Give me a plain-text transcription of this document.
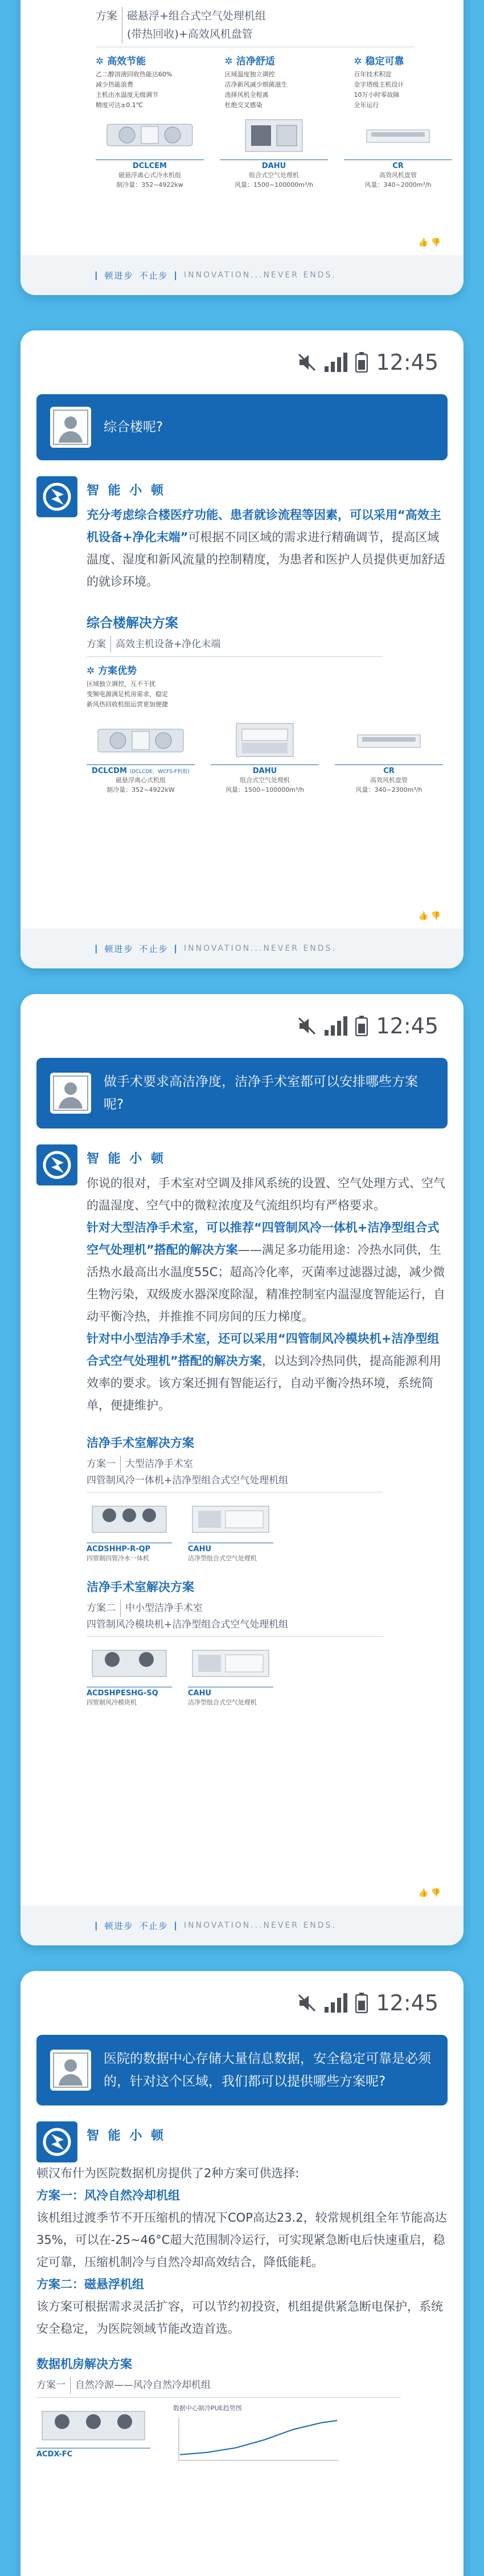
方案 磁悬浮+组合式空气处理机组
(带热回收)+高效风机盘管
✲ 高效节能
乙二醇溶液回收热能达60%
减少热能浪费
主机出水温度无级调节
精度可达±0.1℃
✲ 洁净舒适
区域温度独立调控
洁净新风减少细菌滋生
选择风机全程离
杜绝交叉感染
✲ 稳定可靠
百年技术积淀
金字塔级主机设计
10万小时零故障
全年运行
DCLCEM
磁悬浮离心式冷水机组
制冷量：352~4922kw
DAHU
组合式空气处理机
风量：1500~100000m³/h
CR
高效风机盘管
风量：340~2000m³/h
👍 👎
| 顿进步 不止步 | INNOVATION...NEVER ENDS.
12:45
综合楼呢?
智 能 小 顿
充分考虑综合楼医疗功能、患者就诊流程等因素，可以采用“高效主机设备+净化末端”可根据不同区域的需求进行精确调节，提高区域温度、湿度和新风流量的控制精度，为患者和医护人员提供更加舒适的就诊环境。
综合楼解决方案
方案	高效主机设备+净化末端
✲ 方案优势
区域独立调控，互不干扰
变频电源满足机房需求，稳定
新风热回收机组运营更加便捷
DCLCDM (DCLCDE、WCFS-F机组)
磁悬浮离心式机组
制冷量：352~4922kW
DAHU
组合式空气处理机
风量：1500~100000m³/h
CR
高效风机盘管
风量：340~2300m³/h
👍 👎
| 顿进步 不止步 | INNOVATION...NEVER ENDS.
12:45
做手术要求高洁净度，洁净手术室都可以安排哪些方案呢?
智 能 小 顿
你说的很对，手术室对空调及排风系统的设置、空气处理方式、空气的温湿度、空气中的微粒浓度及气流组织均有严格要求。
针对大型洁净手术室，可以推荐“四管制风冷一体机+洁净型组合式空气处理机”搭配的解决方案——满足多功能用途：冷热水同供，生活热水最高出水温度55C；超高冷化率，灭菌率过滤器过滤，减少微生物污染，双级废水器深度除湿，精准控制室内温湿度智能运行，自动平衡冷热，并推推不同房间的压力梯度。
针对中小型洁净手术室，还可以采用“四管制风冷模块机+洁净型组合式空气处理机”搭配的解决方案，以达到冷热同供，提高能源利用效率的要求。该方案还拥有智能运行，自动平衡冷热环境，系统简单，便捷维护。
洁净手术室解决方案
方案一	大型洁净手术室
四管制风冷一体机+洁净型组合式空气处理机组
ACDSHHP-R-QP
四管制四管冷水一体机
CAHU
洁净型组合式空气处理机
洁净手术室解决方案
方案二	中小型洁净手术室
四管制风冷模块机+洁净型组合式空气处理机组
ACDSHPESHG-SQ
四管制风冷模块机
CAHU
洁净型组合式空气处理机
👍 👎
| 顿进步 不止步 | INNOVATION...NEVER ENDS.
12:45
医院的数据中心存储大量信息数据，安全稳定可靠是必须的，针对这个区域，我们都可以提供哪些方案呢?
智 能 小 顿
顿汉布什为医院数据机房提供了2种方案可供选择:
方案一：风冷自然冷却机组
该机组过渡季节不开压缩机的情况下COP高达23.2，较常规机组全年节能高达35%，可以在-25~46°C超大范围制冷运行，可实现紧急断电后快速重启，稳定可靠，压缩机制冷与自然冷却高效结合，降低能耗。
方案二：磁悬浮机组
该方案可根据需求灵活扩容，可以节约初投资，机组提供紧急断电保护，系统安全稳定，为医院领域节能改造首选。
数据机房解决方案
方案一	自然冷源——风冷自然冷却机组
ACDX-FC
数据中心制冷PUE趋势图
